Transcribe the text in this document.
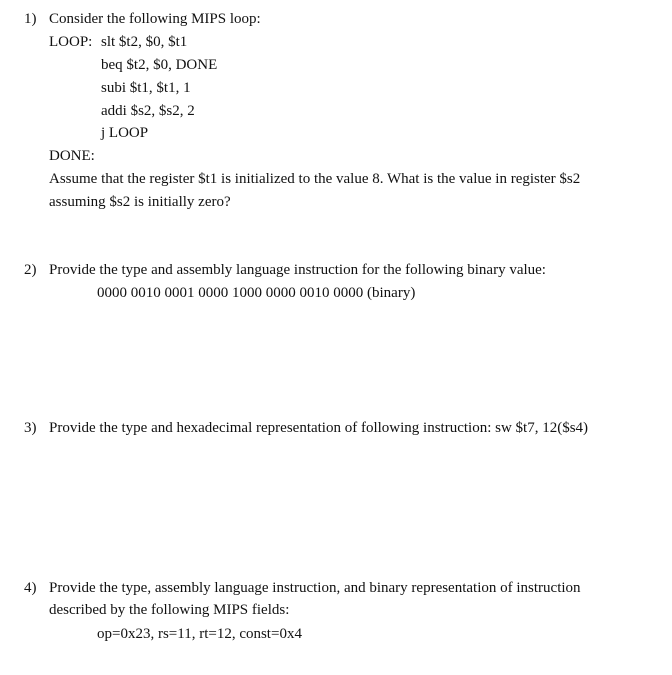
1) Consider the following MIPS loop:
LOOP: slt $t2, $0, $t1
beq $t2, $0, DONE
subi $t1, $t1, 1
addi $s2, $s2, 2
j LOOP
DONE:
Assume that the register $t1 is initialized to the value 8. What is the value in register $s2
assuming $s2 is initially zero?
2) Provide the type and assembly language instruction for the following binary value:
0000 0010 0001 0000 1000 0000 0010 0000 (binary)
3) Provide the type and hexadecimal representation of following instruction: sw $t7, 12($s4)
4) Provide the type, assembly language instruction, and binary representation of instruction
described by the following MIPS fields:
op=0x23, rs=11, rt=12, const=0x4
